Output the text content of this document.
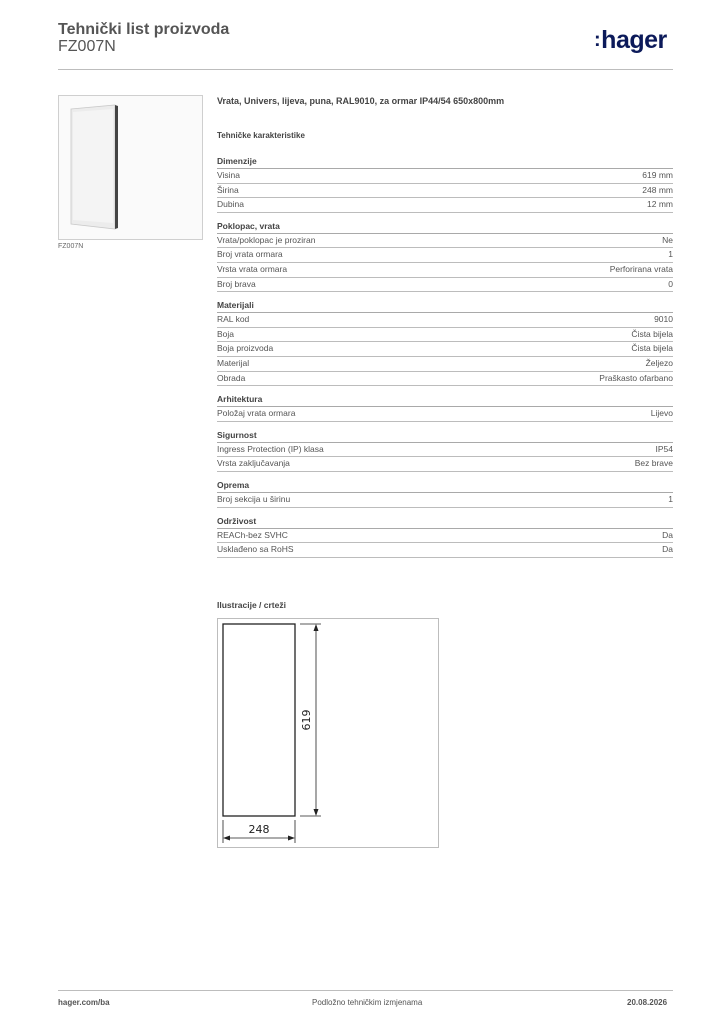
Tehnički list proizvoda
FZ007N	:hager
FZ007N
Vrata, Univers, lijeva, puna, RAL9010, za ormar IP44/54 650x800mm
Tehničke karakteristike
Dimenzije
Visina	619 mm
Širina	248 mm
Dubina	12 mm
Poklopac, vrata
Vrata/poklopac je proziran	Ne
Broj vrata ormara	1
Vrsta vrata ormara	Perforirana vrata
Broj brava	0
Materijali
RAL kod	9010
Boja	Čista bijela
Boja proizvoda	Čista bijela
Materijal	Željezo
Obrada	Praškasto ofarbano
Arhitektura
Položaj vrata ormara	Lijevo
Sigurnost
Ingress Protection (IP) klasa	IP54
Vrsta zaključavanja	Bez brave
Oprema
Broj sekcija u širinu	1
Održivost
REACh-bez SVHC	Da
Usklađeno sa RoHS	Da
Ilustracije / crteži
619
248
hager.com/ba	Podložno tehničkim izmjenama	20.08.2026
